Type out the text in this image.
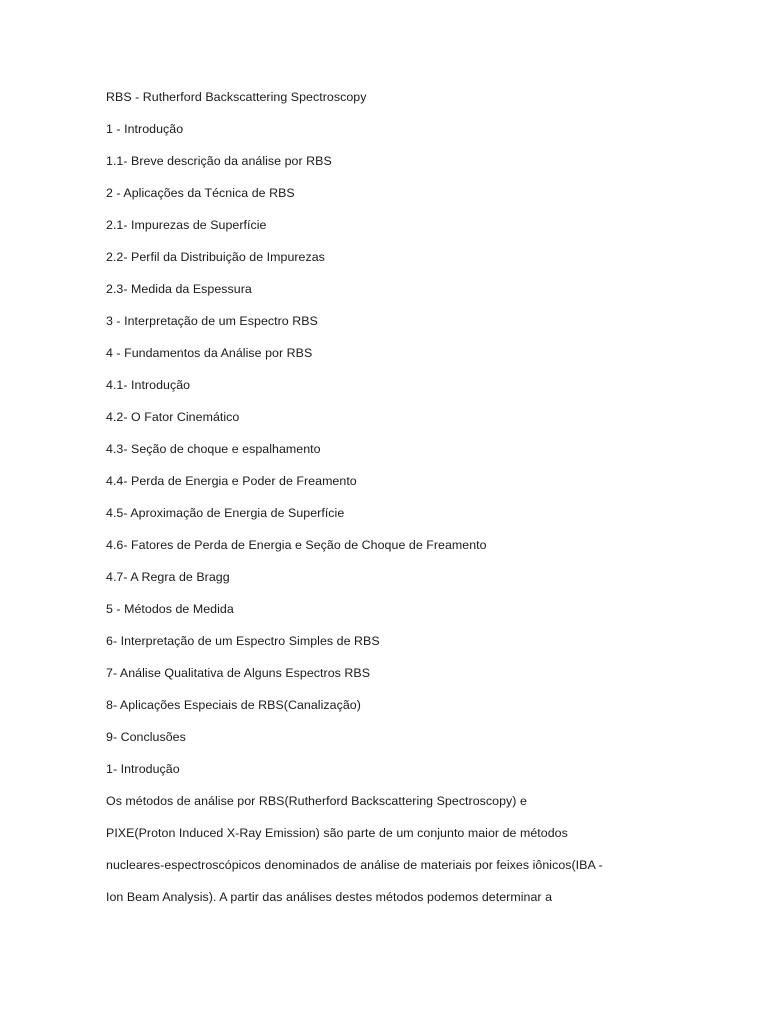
RBS - Rutherford Backscattering Spectroscopy
1 - Introdução
1.1- Breve descrição da análise por RBS
2 - Aplicações da Técnica de RBS
2.1- Impurezas de Superfície
2.2- Perfil da Distribuição de Impurezas
2.3- Medida da Espessura
3 - Interpretação de um Espectro RBS
4 - Fundamentos da Análise por RBS
4.1- Introdução
4.2- O Fator Cinemático
4.3- Seção de choque e espalhamento
4.4- Perda de Energia e Poder de Freamento
4.5- Aproximação de Energia de Superfície
4.6- Fatores de Perda de Energia e Seção de Choque de Freamento
4.7- A Regra de Bragg
5 - Métodos de Medida
6- Interpretação de um Espectro Simples de RBS
7- Análise Qualitativa de Alguns Espectros RBS
8- Aplicações Especiais de RBS(Canalização)
9- Conclusões
1- Introdução
Os métodos de análise por RBS(Rutherford Backscattering Spectroscopy) e
PIXE(Proton Induced X-Ray Emission) são parte de um conjunto maior de métodos
nucleares-espectroscópicos denominados de análise de materiais por feixes iônicos(IBA -
Ion Beam Analysis). A partir das análises destes métodos podemos determinar a
